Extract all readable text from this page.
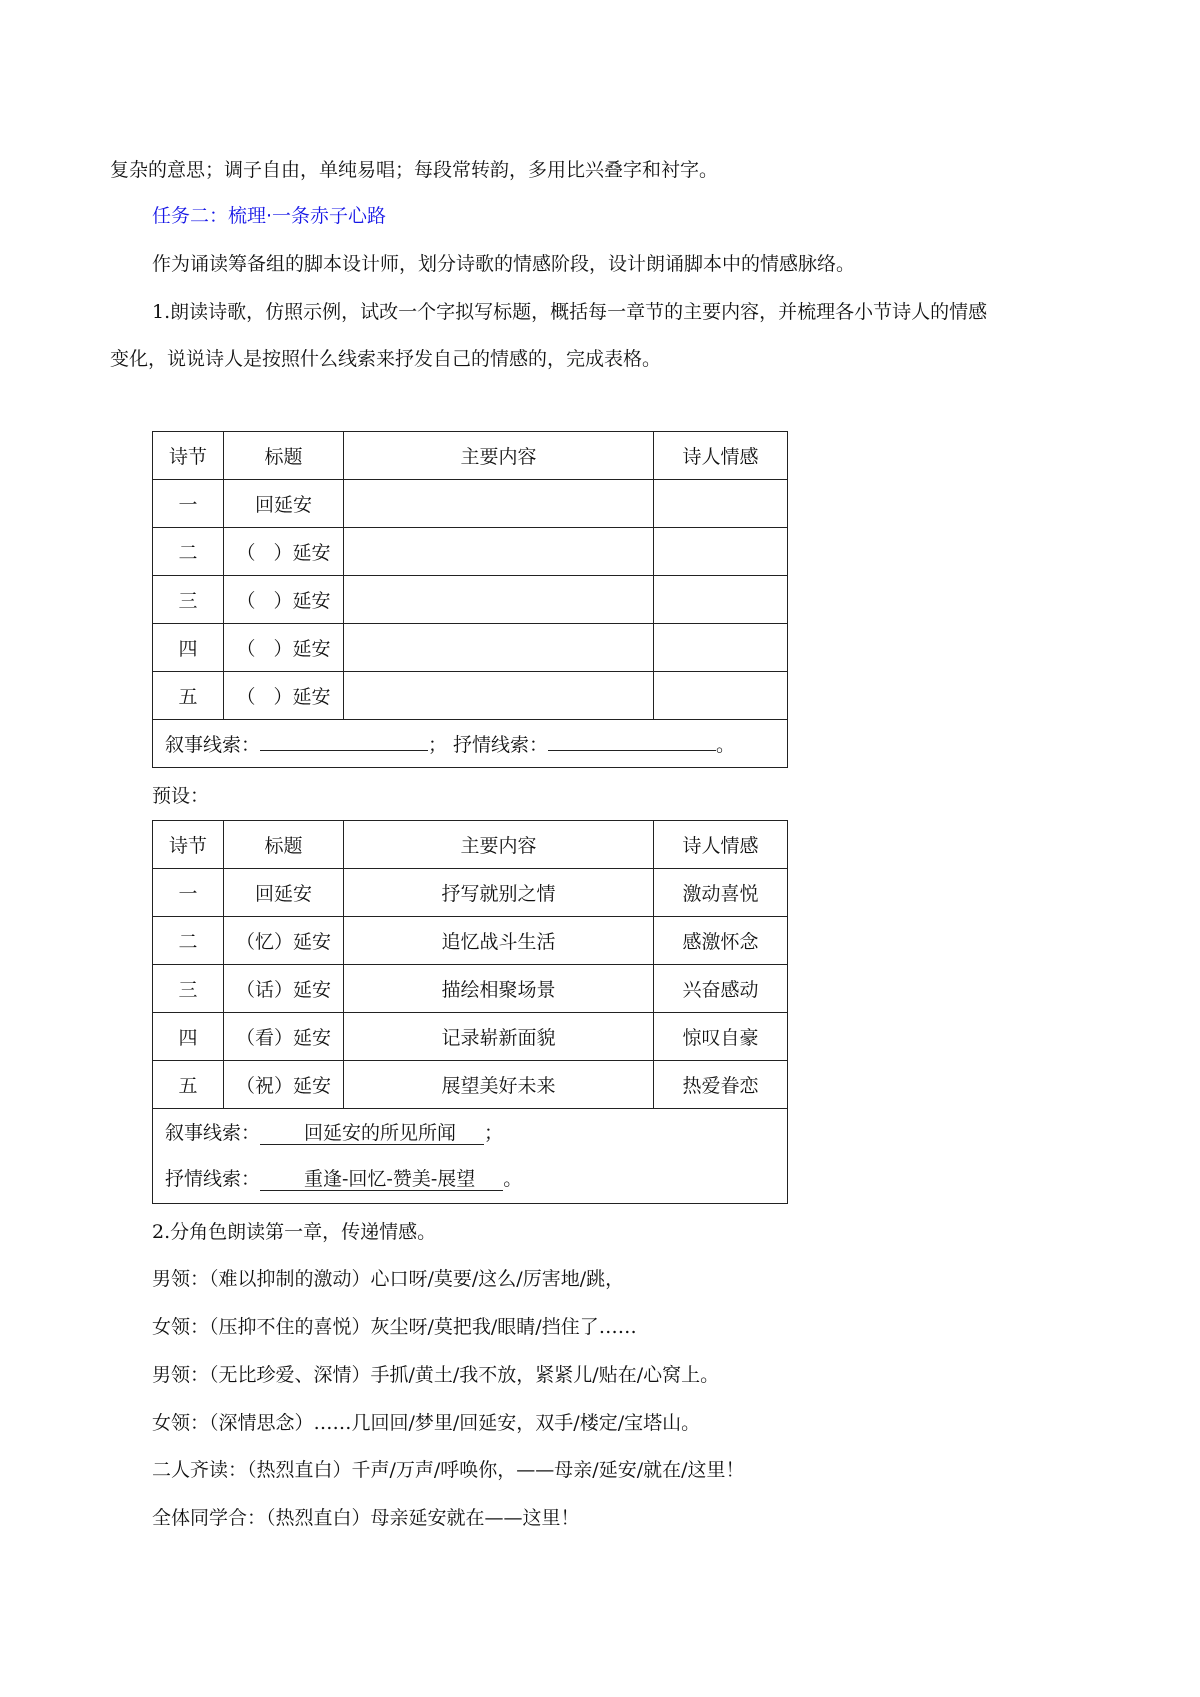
复杂的意思；调子自由，单纯易唱；每段常转韵，多用比兴叠字和衬字。
任务二：梳理·一条赤子心路
作为诵读筹备组的脚本设计师，划分诗歌的情感阶段，设计朗诵脚本中的情感脉络。
1.朗读诗歌，仿照示例，试改一个字拟写标题，概括每一章节的主要内容，并梳理各小节诗人的情感
变化，说说诗人是按照什么线索来抒发自己的情感的，完成表格。
诗节	标题	主要内容	诗人情感
一	回延安		
二	（   ）延安		
三	（   ）延安		
四	（   ）延安		
五	（   ）延安		
叙事线索： ； 抒情线索： 。			
预设：
诗节	标题	主要内容	诗人情感
一	回延安	抒写就别之情	激动喜悦
二	（忆）延安	追忆战斗生活	感激怀念
三	（话）延安	描绘相聚场景	兴奋感动
四	（看）延安	记录崭新面貌	惊叹自豪
五	（祝）延安	展望美好未来	热爱眷恋

叙事线索： 回延安的所见所闻 ；
抒情线索： 重逢-回忆-赞美-展望 。			
2.分角色朗读第一章，传递情感。
男领：（难以抑制的激动）心口呀/莫要/这么/厉害地/跳，
女领：（压抑不住的喜悦）灰尘呀/莫把我/眼睛/挡住了……
男领：（无比珍爱、深情）手抓/黄土/我不放，紧紧儿/贴在/心窝上。
女领：（深情思念）……几回回/梦里/回延安，双手/楼定/宝塔山。
二人齐读：（热烈直白）千声/万声/呼唤你，——母亲/延安/就在/这里！
全体同学合：（热烈直白）母亲延安就在——这里！
